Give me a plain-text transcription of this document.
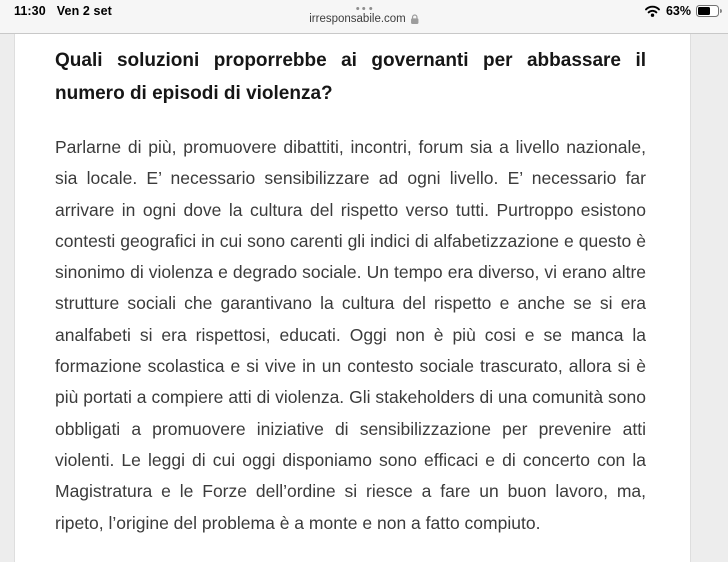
11:30 Ven 2 set
irresponsabile.com
63%
Quali soluzioni proporrebbe ai governanti per abbassare il numero di episodi di violenza?

Parlarne di più, promuovere dibattiti, incontri, forum sia a livello nazionale, sia locale. E’ necessario sensibilizzare ad ogni livello. E’ necessario far arrivare in ogni dove la cultura del rispetto verso tutti. Purtroppo esistono contesti geografici in cui sono carenti gli indici di alfabetizzazione e questo è sinonimo di violenza e degrado sociale. Un tempo era diverso, vi erano altre strutture sociali che garantivano la cultura del rispetto e anche se si era analfabeti si era rispettosi, educati. Oggi non è più cosi e se manca la formazione scolastica e si vive in un contesto sociale trascurato, allora si è più portati a compiere atti di violenza. Gli stakeholders di una comunità sono obbligati a promuovere iniziative di sensibilizzazione per prevenire atti violenti. Le leggi di cui oggi disponiamo sono efficaci e di concerto con la Magistratura e le Forze dell’ordine si riesce a fare un buon lavoro, ma, ripeto, l’origine del problema è a monte e non a fatto compiuto.
